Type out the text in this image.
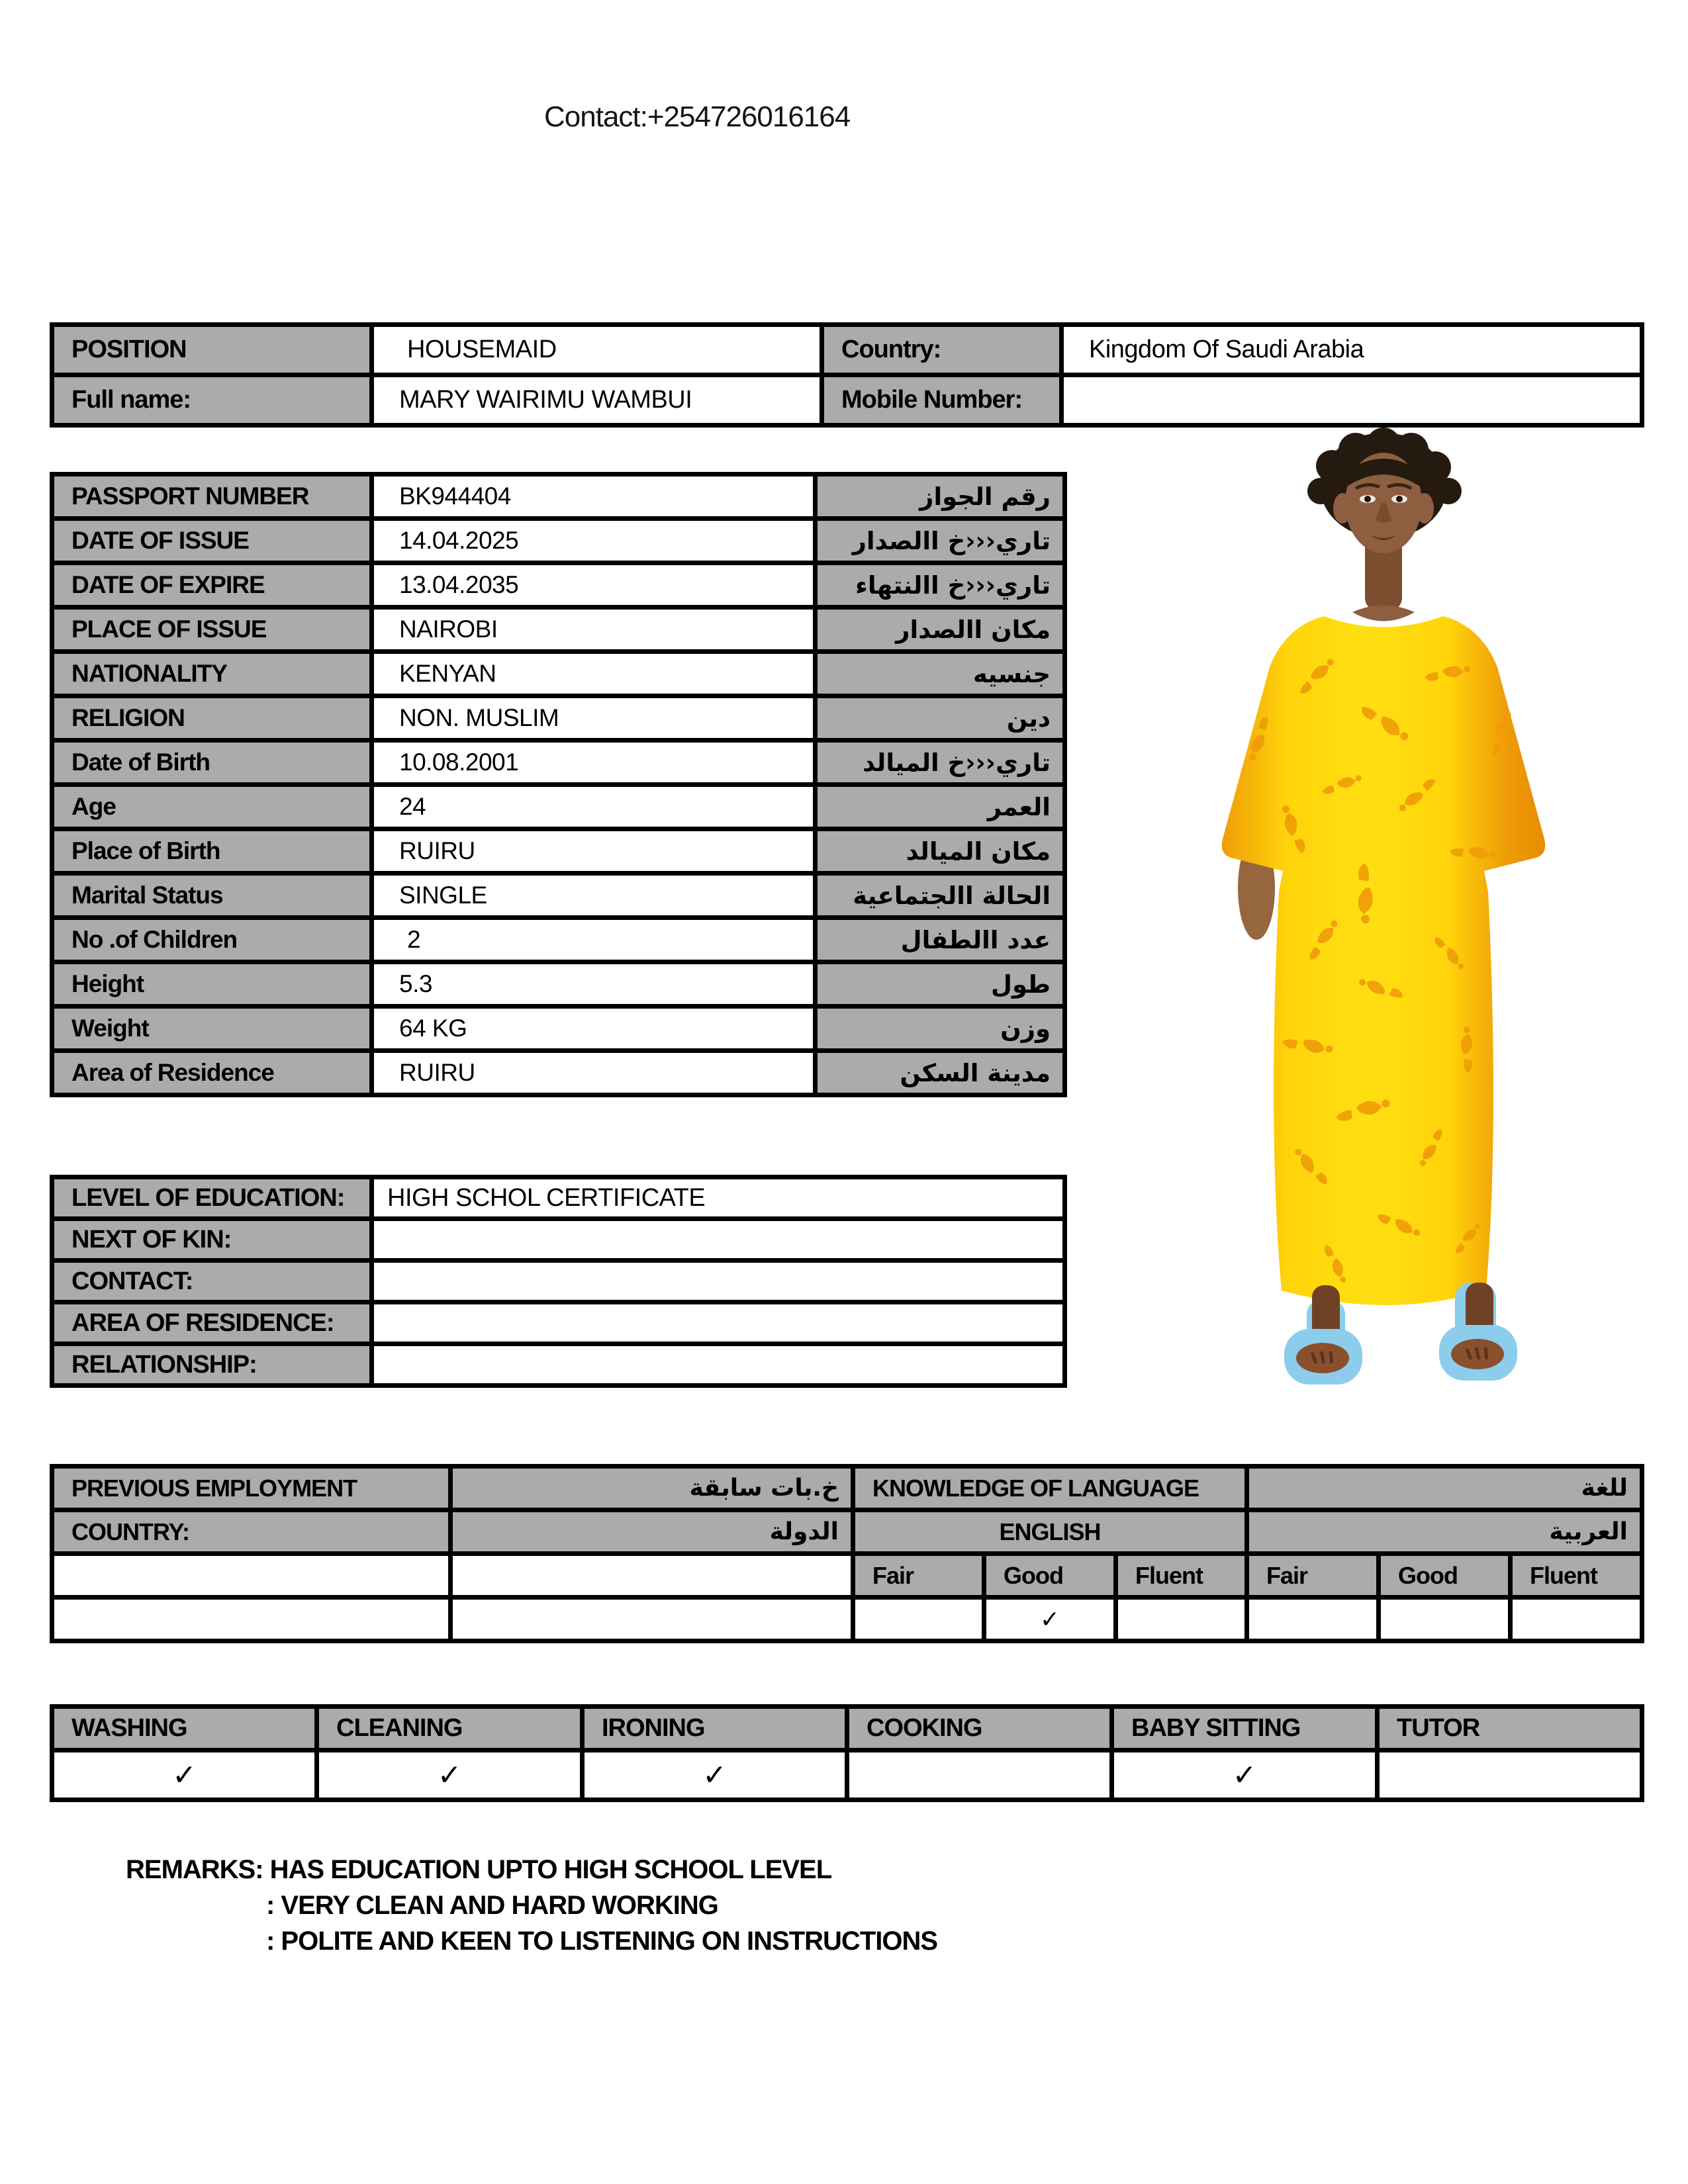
Contact:+254726016164
POSITION	HOUSEMAID	Country:	Kingdom Of Saudi Arabia
Full name:	MARY WAIRIMU WAMBUI	Mobile Number:	
PASSPORT NUMBER	BK944404	رقم الجواز
DATE OF ISSUE	14.04.2025	تاري‹‹‹خ االصدار
DATE OF EXPIRE	13.04.2035	تاري‹‹‹خ االنتهاء
PLACE OF ISSUE	NAIROBI	مكان االصدار
NATIONALITY	KENYAN	جنسيه
RELIGION	NON. MUSLIM	دين
Date of Birth	10.08.2001	تاري‹‹‹خ الميالد
Age	24	العمر
Place of Birth	RUIRU	مكان الميالد
Marital Status	SINGLE	الحالة االجتماعية
No .of Children	2	عدد االطفال
Height	5.3	طول
Weight	64 KG	وزن
Area of Residence	RUIRU	مدينة السكن
LEVEL OF EDUCATION:	HIGH SCHOL CERTIFICATE
NEXT OF KIN:	
CONTACT:	
AREA OF RESIDENCE:	
RELATIONSHIP:	
PREVIOUS EMPLOYMENT	خ.بات سابقة	KNOWLEDGE OF LANGUAGE			للغة		
COUNTRY:	الدولة	ENGLISH			العربية		
		Fair	Good	Fluent	Fair	Good	Fluent
			✓				
WASHING	CLEANING	IRONING	COOKING	BABY SITTING	TUTOR
✓	✓	✓		✓	
REMARKS: HAS EDUCATION UPTO HIGH SCHOOL LEVEL
: VERY CLEAN AND HARD WORKING
: POLITE AND KEEN TO LISTENING ON INSTRUCTIONS
